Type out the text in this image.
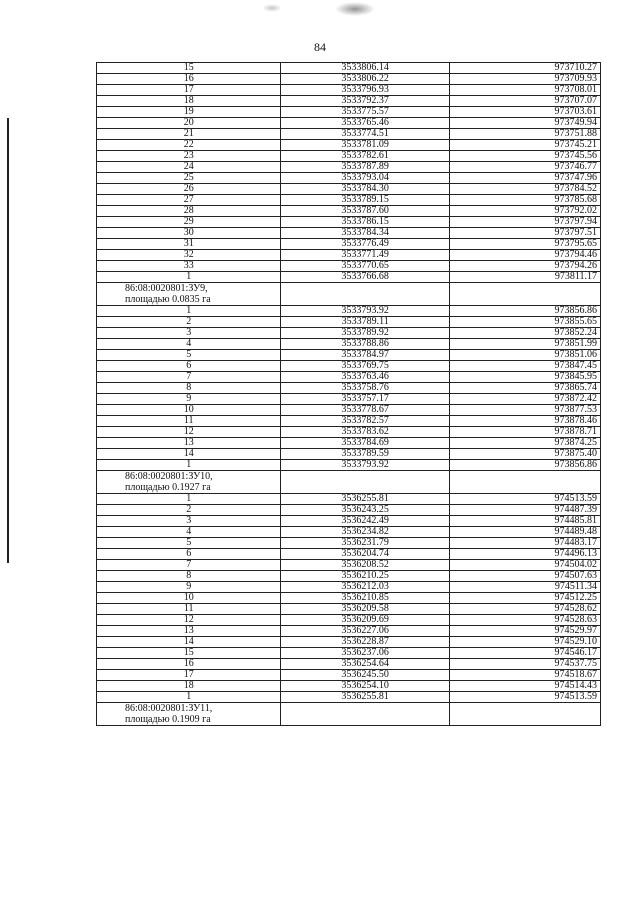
84
15	3533806.14	973710.27
16	3533806.22	973709.93
17	3533796.93	973708.01
18	3533792.37	973707.07
19	3533775.57	973703.61
20	3533765.46	973749.94
21	3533774.51	973751.88
22	3533781.09	973745.21
23	3533782.61	973745.56
24	3533787.89	973746.77
25	3533793.04	973747.96
26	3533784.30	973784.52
27	3533789.15	973785.68
28	3533787.60	973792.02
29	3533786.15	973797.94
30	3533784.34	973797.51
31	3533776.49	973795.65
32	3533771.49	973794.46
33	3533770.65	973794.26
1	3533766.68	973811.17

86:08:0020801:ЗУ9,
площадью 0.0835 га		

1	3533793.92	973856.86
2	3533789.11	973855.65
3	3533789.92	973852.24
4	3533788.86	973851.99
5	3533784.97	973851.06
6	3533769.75	973847.45
7	3533763.46	973845.95
8	3533758.76	973865.74
9	3533757.17	973872.42
10	3533778.67	973877.53
11	3533782.57	973878.46
12	3533783.62	973878.71
13	3533784.69	973874.25
14	3533789.59	973875.40
1	3533793.92	973856.86

86:08:0020801:ЗУ10,
площадью 0.1927 га		

1	3536255.81	974513.59
2	3536243.25	974487.39
3	3536242.49	974485.81
4	3536234.82	974489.48
5	3536231.79	974483.17
6	3536204.74	974496.13
7	3536208.52	974504.02
8	3536210.25	974507.63
9	3536212.03	974511.34
10	3536210.85	974512.25
11	3536209.58	974528.62
12	3536209.69	974528.63
13	3536227.06	974529.97
14	3536228.87	974529.10
15	3536237.06	974546.17
16	3536254.64	974537.75
17	3536245.50	974518.67
18	3536254.10	974514.43
1	3536255.81	974513.59

86:08:0020801:ЗУ11,
площадью 0.1909 га		
